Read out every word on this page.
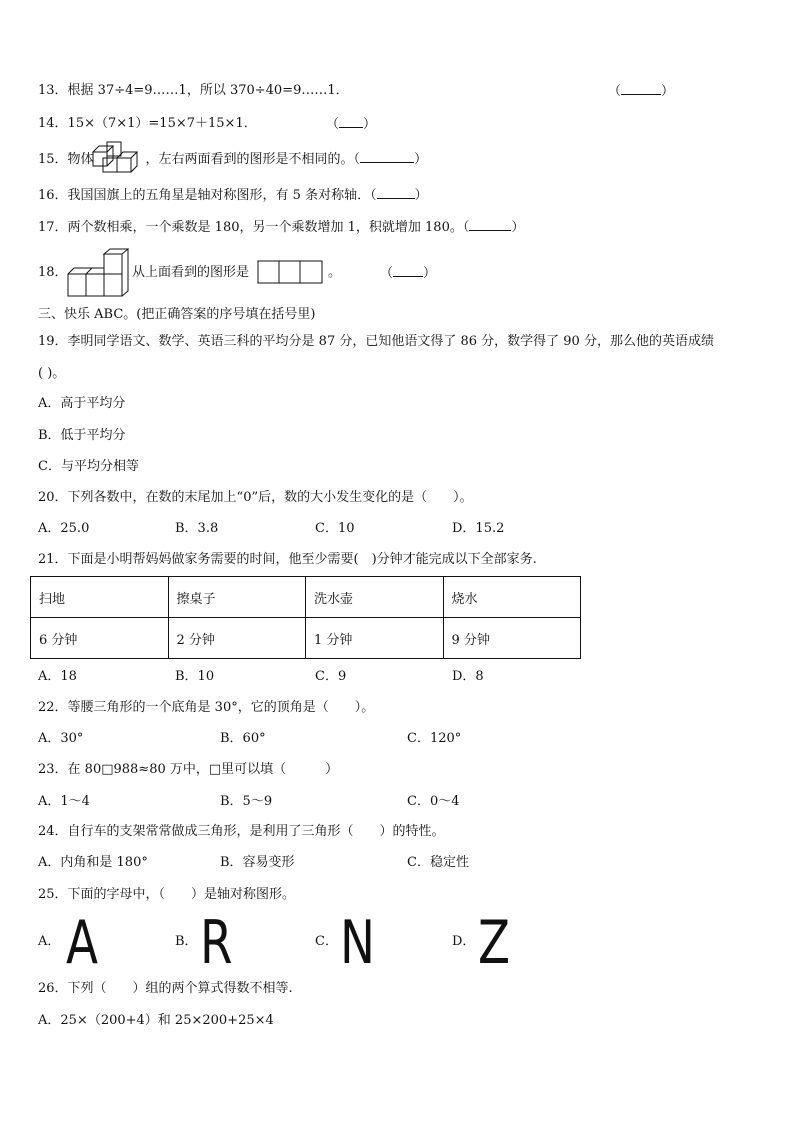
13．根据 37÷4=9……1，所以 370÷40=9……1．	（	）
14．15×（7×1）=15×7＋15×1．	（ ）
15．物体	，左右两面看到的图形是不相同的。（	）
16．我国国旗上的五角星是轴对称图形，有 5 条对称轴．（	）
17．两个数相乘，一个乘数是 180，另一个乘数增加 1，积就增加 180。（	）
18．	从上面看到的图形是	。	（ ）
三、快乐 ABC。(把正确答案的序号填在括号里)
19．李明同学语文、数学、英语三科的平均分是 87 分，已知他语文得了 86 分，数学得了 90 分，那么他的英语成绩
( )。
A．高于平均分
B．低于平均分
C．与平均分相等
20．下列各数中，在数的末尾加上“0”后，数的大小发生变化的是（　　）。
A．25.0	B．3.8	C．10	D．15.2
21．下面是小明帮妈妈做家务需要的时间，他至少需要(　)分钟才能完成以下全部家务.
扫地	擦桌子	洗水壶	烧水
6 分钟	2 分钟	1 分钟	9 分钟
A．18	B．10	C．9	D．8
22．等腰三角形的一个底角是 30°，它的顶角是（　　）。
A．30°	B．60°	C．120°
23．在 80□988≈80 万中，□里可以填（　　　）
A．1～4	B．5～9	C．0～4
24．自行车的支架常常做成三角形，是利用了三角形（　　）的特性。
A．内角和是 180°	B．容易变形	C．稳定性
25．下面的字母中，（　　）是轴对称图形。
A． A	B． R	C． N	D． Z
26．下列（　　）组的两个算式得数不相等.
A．25×（200+4）和 25×200+25×4
